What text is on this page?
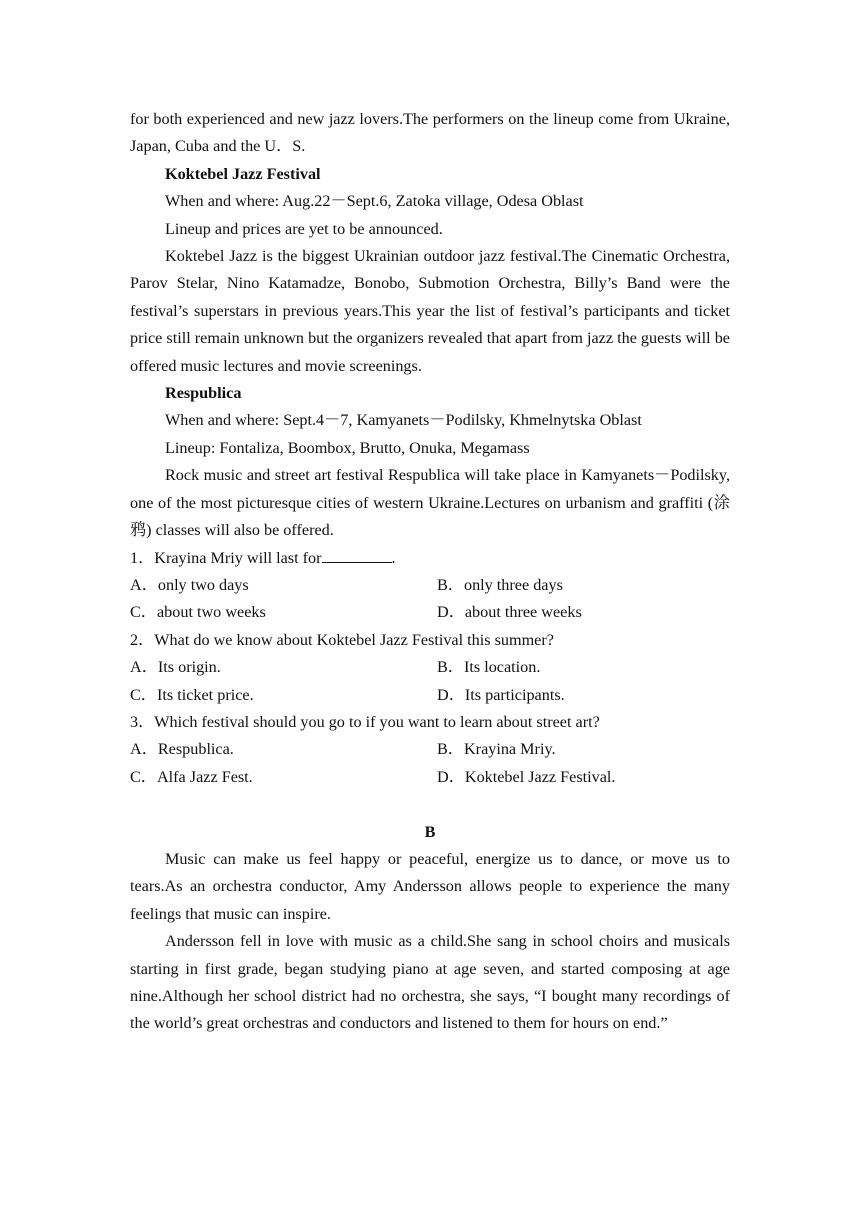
for both experienced and new jazz lovers.The performers on the lineup come from Ukraine, Japan, Cuba and the U．S.

Koktebel Jazz Festival

When and where: Aug.22－Sept.6, Zatoka village, Odesa Oblast

Lineup and prices are yet to be announced.

Koktebel Jazz is the biggest Ukrainian outdoor jazz festival.The Cinematic Orchestra, Parov Stelar, Nino Katamadze, Bonobo, Submotion Orchestra, Billy’s Band were the festival’s superstars in previous years.This year the list of festival’s participants and ticket price still remain unknown but the organizers revealed that apart from jazz the guests will be offered music lectures and movie screenings.

Respublica

When and where: Sept.4－7, Kamyanets－Podilsky, Khmelnytska Oblast

Lineup: Fontaliza, Boombox, Brutto, Onuka, Megamass

Rock music and street art festival Respublica will take place in Kamyanets－Podilsky, one of the most picturesque cities of western Ukraine.Lectures on urbanism and graffiti (涂鸦) classes will also be offered.

1．Krayina Mriy will last for	.

A．only two days	B．only three days
C．about two weeks	D．about three weeks

2．What do we know about Koktebel Jazz Festival this summer?

A．Its origin.	B．Its location.
C．Its ticket price.	D．Its participants.

3．Which festival should you go to if you want to learn about street art?

A．Respublica.	B．Krayina Mriy.
C．Alfa Jazz Fest.	D．Koktebel Jazz Festival.

B

Music can make us feel happy or peaceful, energize us to dance, or move us to tears.As an orchestra conductor, Amy Andersson allows people to experience the many feelings that music can inspire.

Andersson fell in love with music as a child.She sang in school choirs and musicals starting in first grade, began studying piano at age seven, and started composing at age nine.Although her school district had no orchestra, she says, “I bought many recordings of the world’s great orchestras and conductors and listened to them for hours on end.”
